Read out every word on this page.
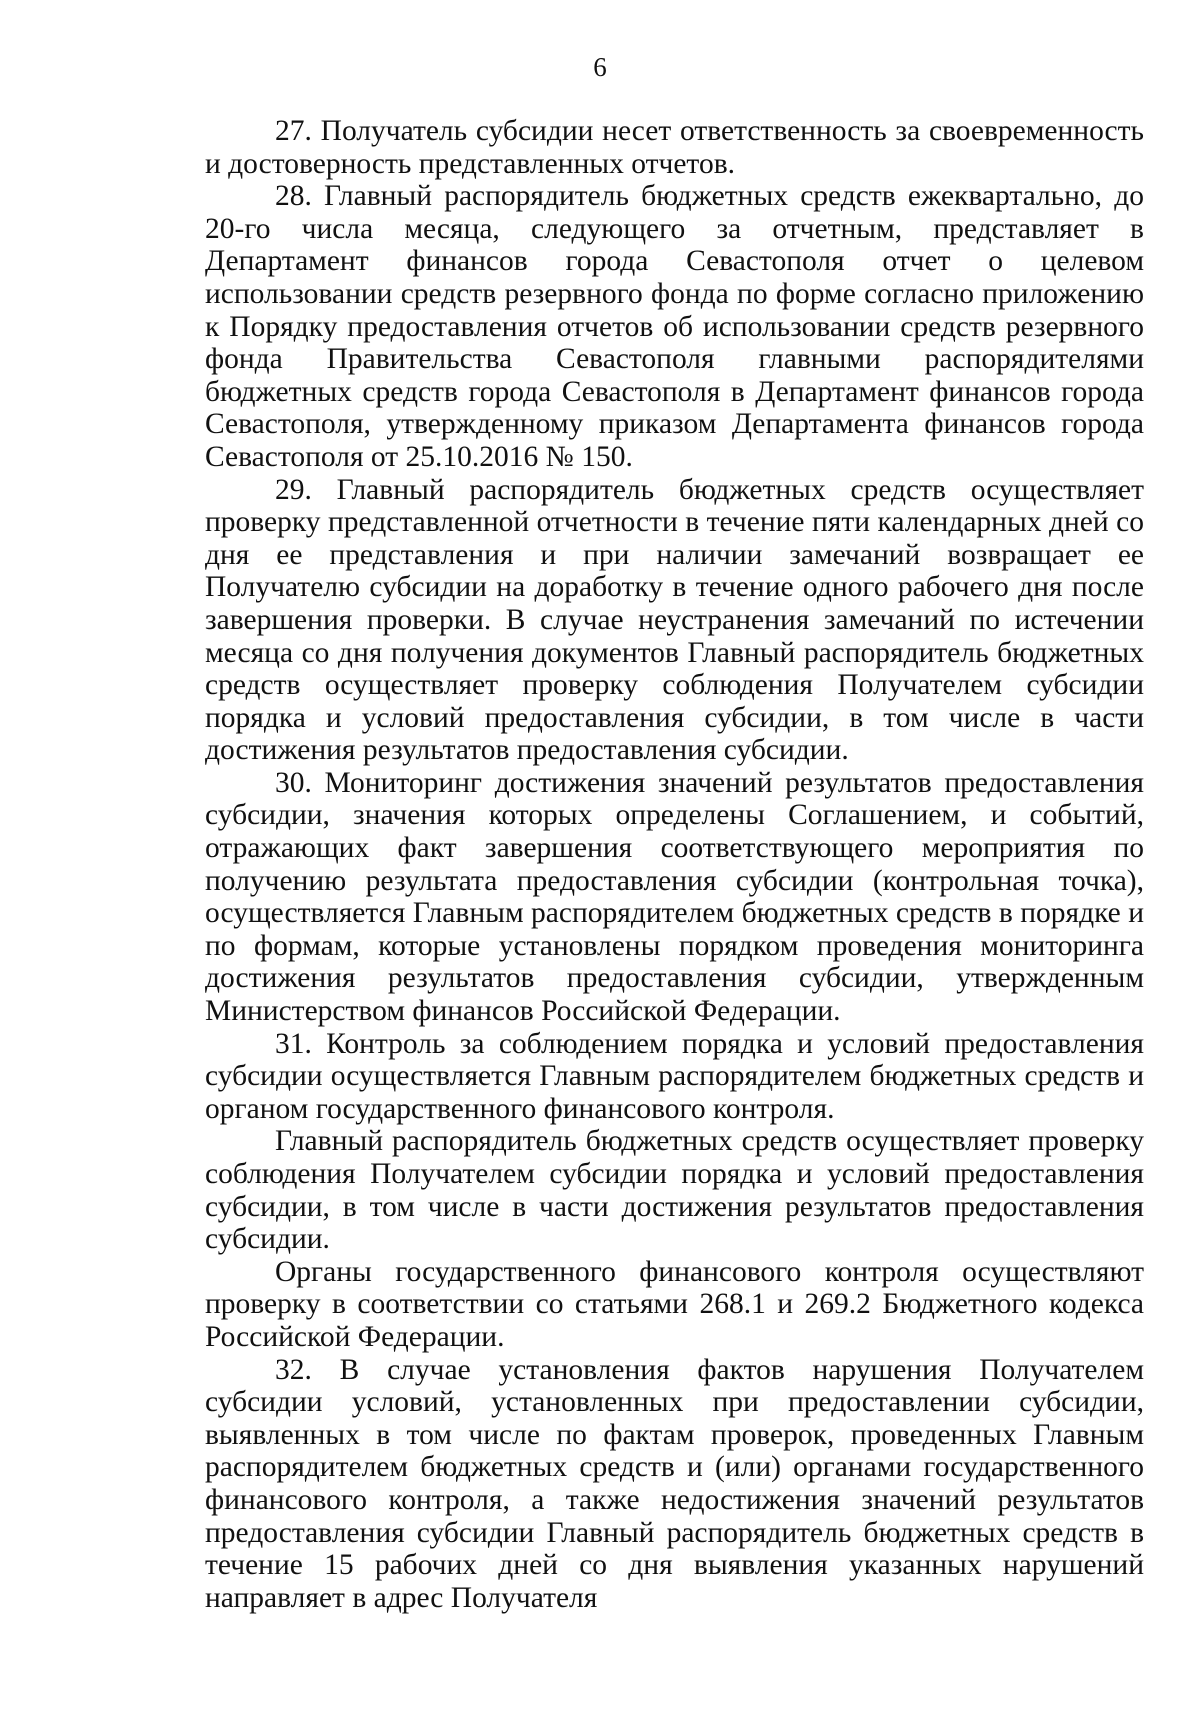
6

27. Получатель субсидии несет ответственность за своевременность и достоверность представленных отчетов.

28. Главный распорядитель бюджетных средств ежеквартально, до 20-го числа месяца, следующего за отчетным, представляет в Департамент финансов города Севастополя отчет о целевом использовании средств резервного фонда по форме согласно приложению к Порядку предоставления отчетов об использовании средств резервного фонда Правительства Севастополя главными распорядителями бюджетных средств города Севастополя в Департамент финансов города Севастополя, утвержденному приказом Департамента финансов города Севастополя от 25.10.2016 № 150.

29. Главный распорядитель бюджетных средств осуществляет проверку представленной отчетности в течение пяти календарных дней со дня ее представления и при наличии замечаний возвращает ее Получателю субсидии на доработку в течение одного рабочего дня после завершения проверки. В случае неустранения замечаний по истечении месяца со дня получения документов Главный распорядитель бюджетных средств осуществляет проверку соблюдения Получателем субсидии порядка и условий предоставления субсидии, в том числе в части достижения результатов предоставления субсидии.

30. Мониторинг достижения значений результатов предоставления субсидии, значения которых определены Соглашением, и событий, отражающих факт завершения соответствующего мероприятия по получению результата предоставления субсидии (контрольная точка), осуществляется Главным распорядителем бюджетных средств в порядке и по формам, которые установлены порядком проведения мониторинга достижения результатов предоставления субсидии, утвержденным Министерством финансов Российской Федерации.

31. Контроль за соблюдением порядка и условий предоставления субсидии осуществляется Главным распорядителем бюджетных средств и органом государственного финансового контроля.

Главный распорядитель бюджетных средств осуществляет проверку соблюдения Получателем субсидии порядка и условий предоставления субсидии, в том числе в части достижения результатов предоставления субсидии.

Органы государственного финансового контроля осуществляют проверку в соответствии со статьями 268.1 и 269.2 Бюджетного кодекса Российской Федерации.

32. В случае установления фактов нарушения Получателем субсидии условий, установленных при предоставлении субсидии, выявленных в том числе по фактам проверок, проведенных Главным распорядителем бюджетных средств и (или) органами государственного финансового контроля, а также недостижения значений результатов предоставления субсидии Главный распорядитель бюджетных средств в течение 15 рабочих дней со дня выявления указанных нарушений направляет в адрес Получателя
